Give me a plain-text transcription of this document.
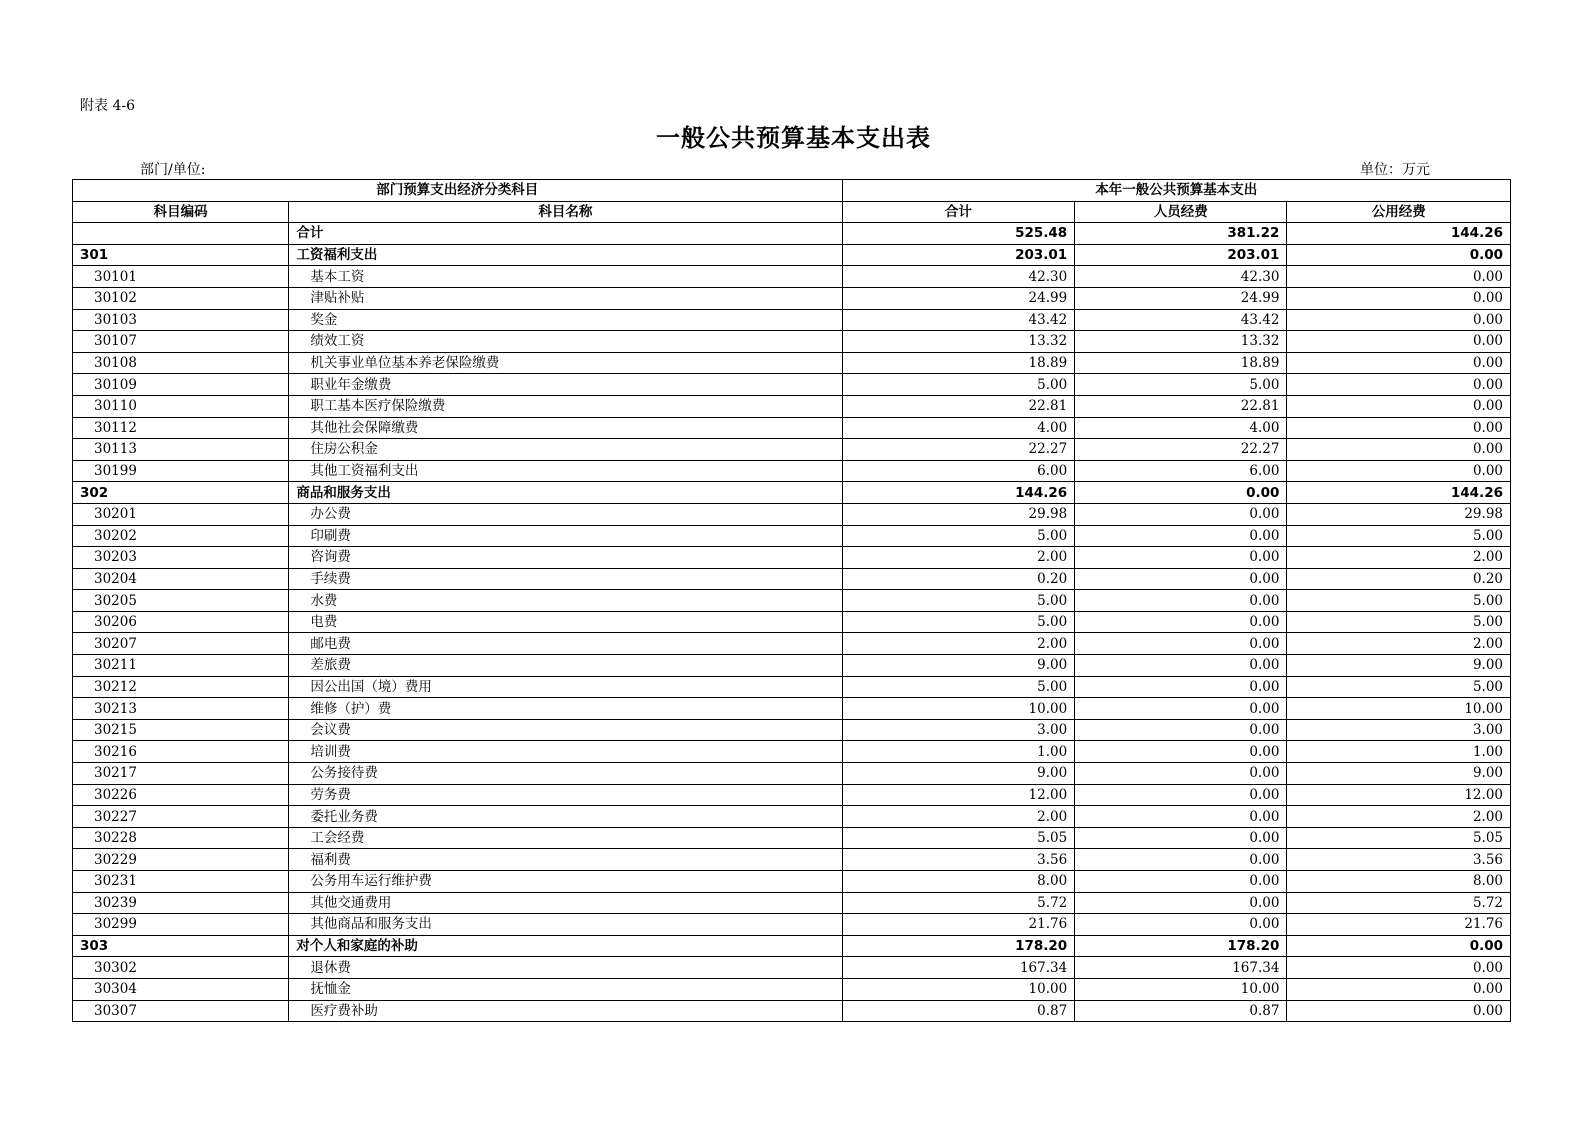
附表 4-6
一般公共预算基本支出表
部门/单位:	单位：万元
部门预算支出经济分类科目		本年一般公共预算基本支出		
科目编码	科目名称	合计	人员经费	公用经费
	合计	525.48	381.22	144.26
301	工资福利支出	203.01	203.01	0.00
30101	基本工资	42.30	42.30	0.00
30102	津贴补贴	24.99	24.99	0.00
30103	奖金	43.42	43.42	0.00
30107	绩效工资	13.32	13.32	0.00
30108	机关事业单位基本养老保险缴费	18.89	18.89	0.00
30109	职业年金缴费	5.00	5.00	0.00
30110	职工基本医疗保险缴费	22.81	22.81	0.00
30112	其他社会保障缴费	4.00	4.00	0.00
30113	住房公积金	22.27	22.27	0.00
30199	其他工资福利支出	6.00	6.00	0.00
302	商品和服务支出	144.26	0.00	144.26
30201	办公费	29.98	0.00	29.98
30202	印刷费	5.00	0.00	5.00
30203	咨询费	2.00	0.00	2.00
30204	手续费	0.20	0.00	0.20
30205	水费	5.00	0.00	5.00
30206	电费	5.00	0.00	5.00
30207	邮电费	2.00	0.00	2.00
30211	差旅费	9.00	0.00	9.00
30212	因公出国（境）费用	5.00	0.00	5.00
30213	维修（护）费	10.00	0.00	10.00
30215	会议费	3.00	0.00	3.00
30216	培训费	1.00	0.00	1.00
30217	公务接待费	9.00	0.00	9.00
30226	劳务费	12.00	0.00	12.00
30227	委托业务费	2.00	0.00	2.00
30228	工会经费	5.05	0.00	5.05
30229	福利费	3.56	0.00	3.56
30231	公务用车运行维护费	8.00	0.00	8.00
30239	其他交通费用	5.72	0.00	5.72
30299	其他商品和服务支出	21.76	0.00	21.76
303	对个人和家庭的补助	178.20	178.20	0.00
30302	退休费	167.34	167.34	0.00
30304	抚恤金	10.00	10.00	0.00
30307	医疗费补助	0.87	0.87	0.00
